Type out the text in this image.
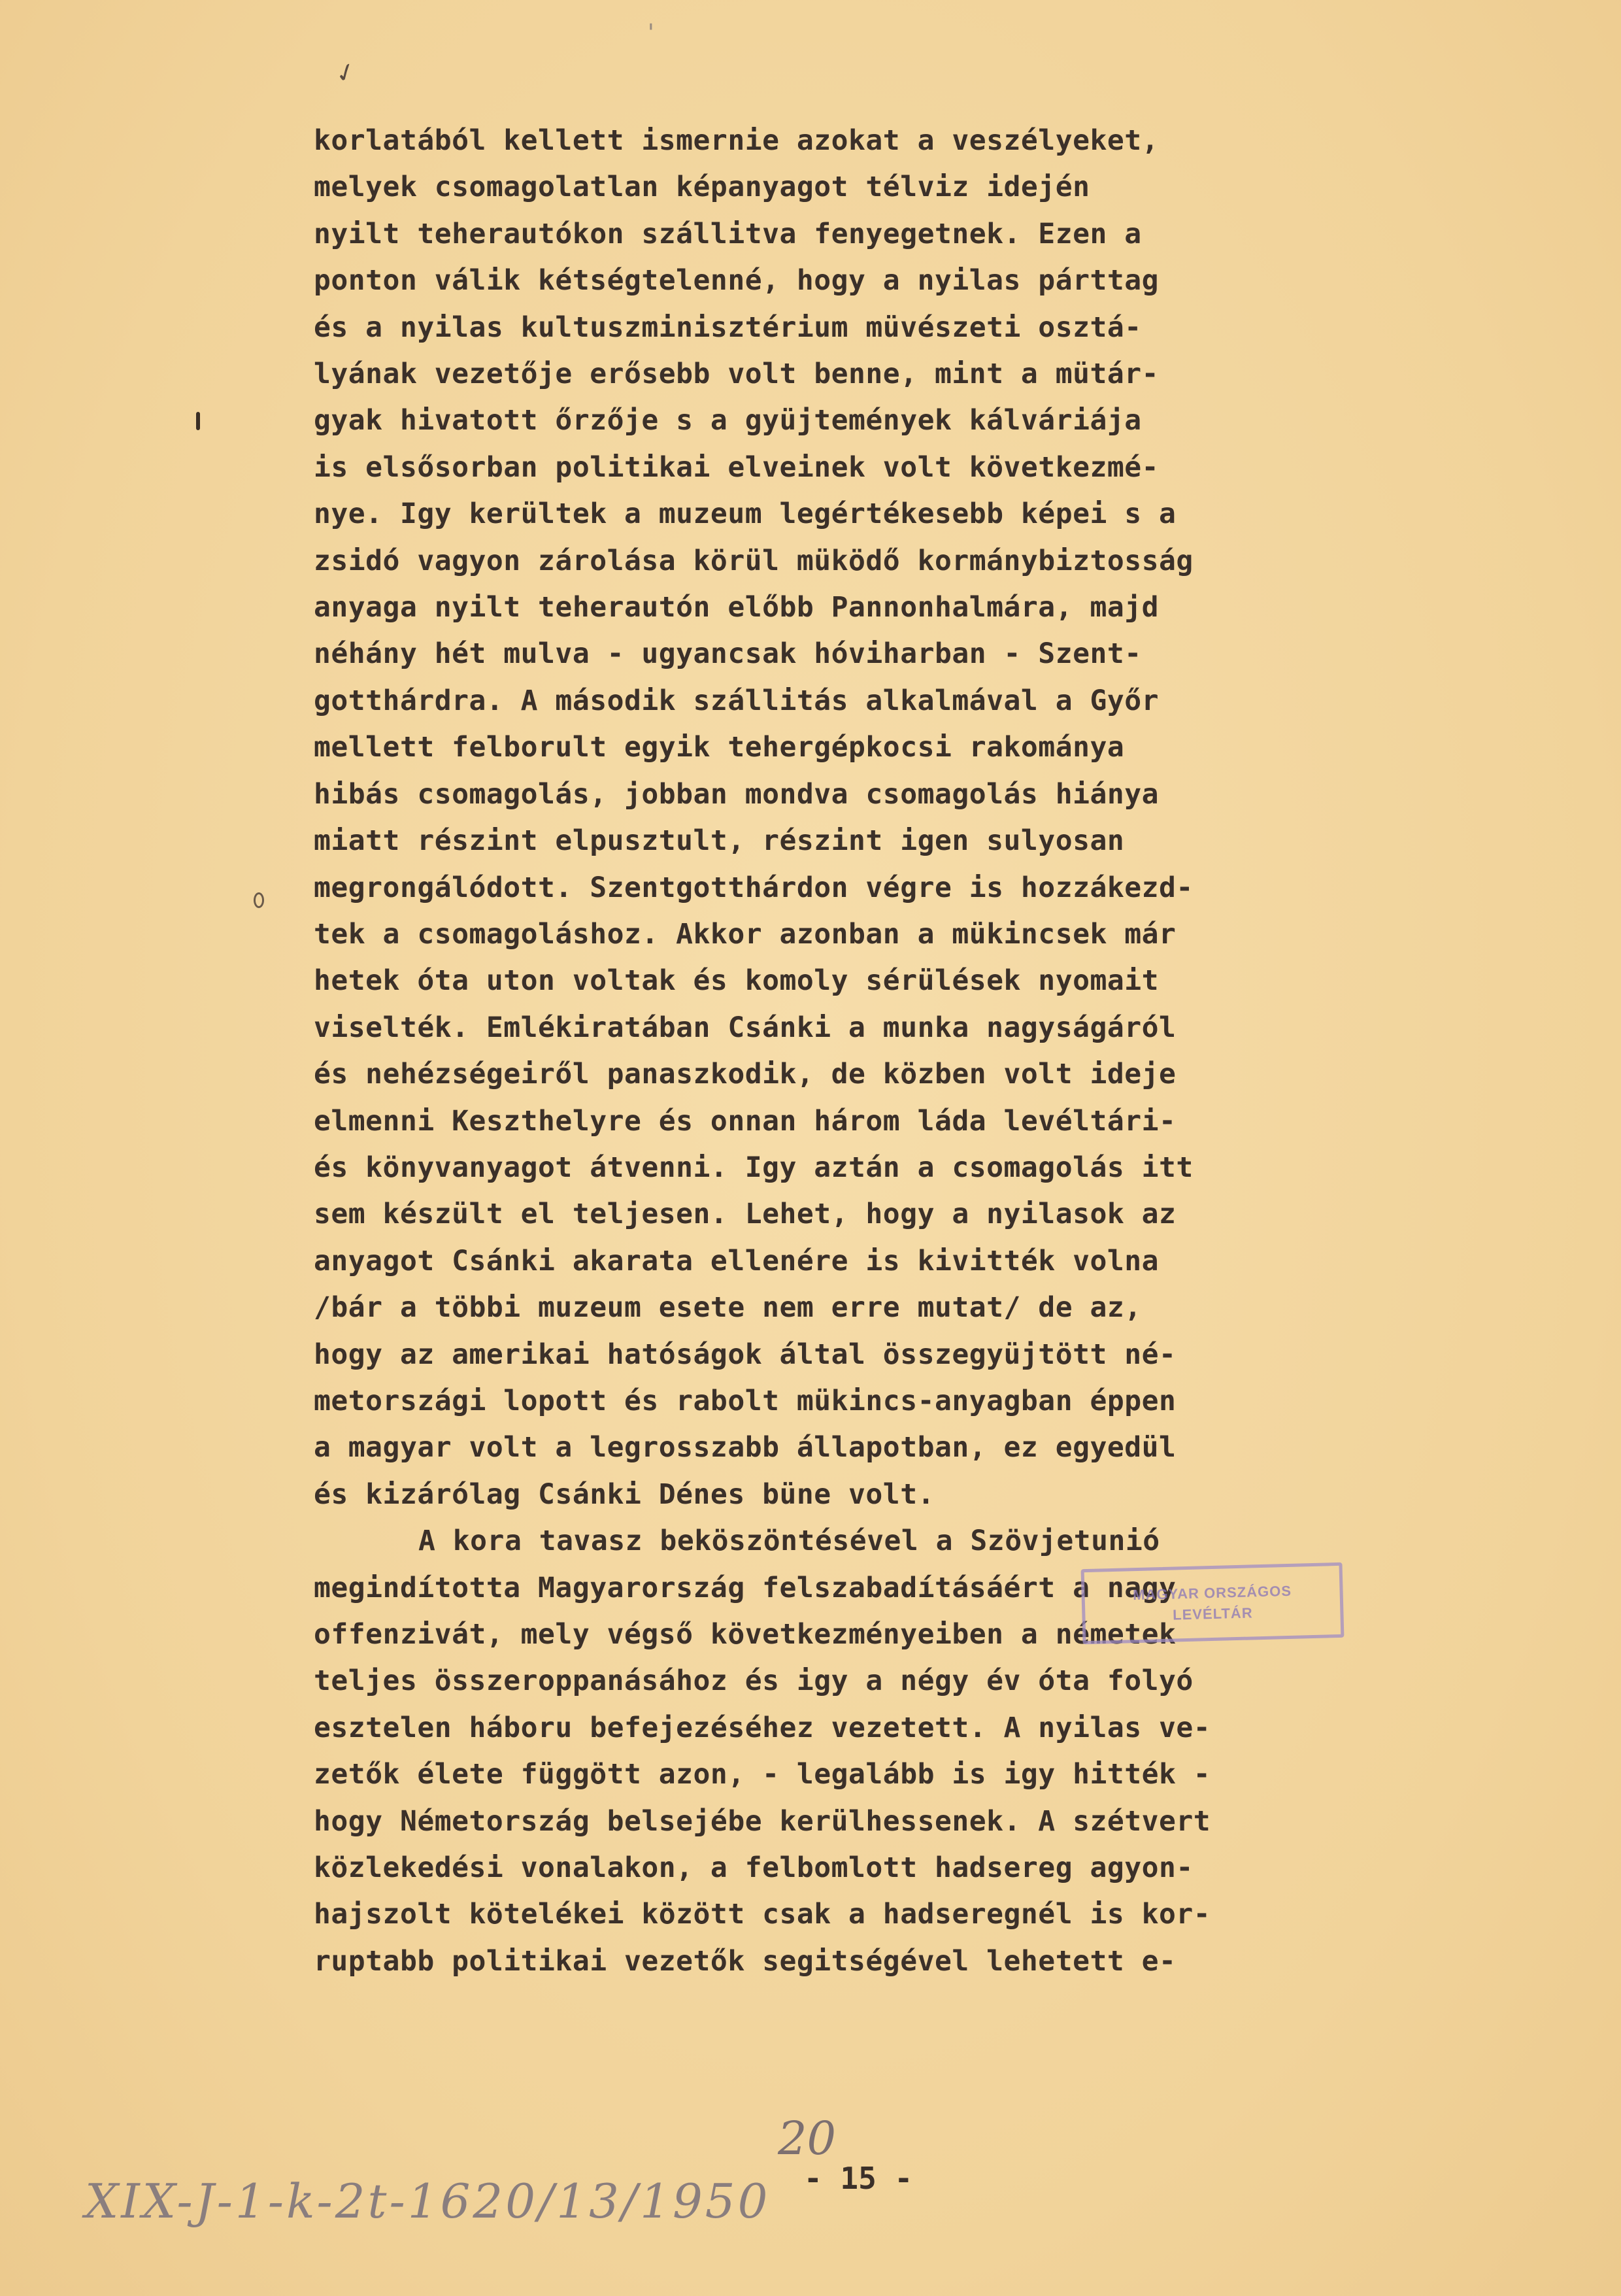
'
✓
korlatából kellett ismernie azokat a veszélyeket,
melyek csomagolatlan képanyagot télviz idején
nyilt teherautókon szállitva fenyegetnek. Ezen a
ponton válik kétségtelenné, hogy a nyilas párttag
és a nyilas kultuszminisztérium müvészeti osztá-
lyának vezetője erősebb volt benne, mint a mütár-
gyak hivatott őrzője s a gyüjtemények kálváriája
is elsősorban politikai elveinek volt következmé-
nye. Igy kerültek a muzeum legértékesebb képei s a
zsidó vagyon zárolása körül müködő kormánybiztosság
anyaga nyilt teherautón előbb Pannonhalmára, majd
néhány hét mulva - ugyancsak hóviharban - Szent-
gotthárdra. A második szállitás alkalmával a Győr
mellett felborult egyik tehergépkocsi rakománya
hibás csomagolás, jobban mondva csomagolás hiánya
miatt részint elpusztult, részint igen sulyosan
megrongálódott. Szentgotthárdon végre is hozzákezd-
tek a csomagoláshoz. Akkor azonban a mükincsek már
hetek óta uton voltak és komoly sérülések nyomait
viselték. Emlékiratában Csánki a munka nagyságáról
és nehézségeiről panaszkodik, de közben volt ideje
elmenni Keszthelyre és onnan három láda levéltári-
és könyvanyagot átvenni. Igy aztán a csomagolás itt
sem készült el teljesen. Lehet, hogy a nyilasok az
anyagot Csánki akarata ellenére is kivitték volna
/bár a többi muzeum esete nem erre mutat/ de az,
hogy az amerikai hatóságok által összegyüjtött né-
metországi lopott és rabolt mükincs-anyagban éppen
a magyar volt a legrosszabb állapotban, ez egyedül
és kizárólag Csánki Dénes büne volt.
A kora tavasz beköszöntésével a Szövjetunió
megindította Magyarország felszabadításáért a nagy
offenzivát, mely végső következményeiben a németek
teljes összeroppanásához és igy a négy év óta folyó
esztelen háboru befejezéséhez vezetett. A nyilas ve-
zetők élete függött azon, - legalább is igy hitték -
hogy Németország belsejébe kerülhessenek. A szétvert
közlekedési vonalakon, a felbomlott hadsereg agyon-
hajszolt kötelékei között csak a hadseregnél is kor-
ruptabb politikai vezetők segitségével lehetett e-
MAGYAR ORSZÁGOS
LEVÉLTÁR
20
- 15 -
XIX-J-1-k-2t-1620/13/1950
